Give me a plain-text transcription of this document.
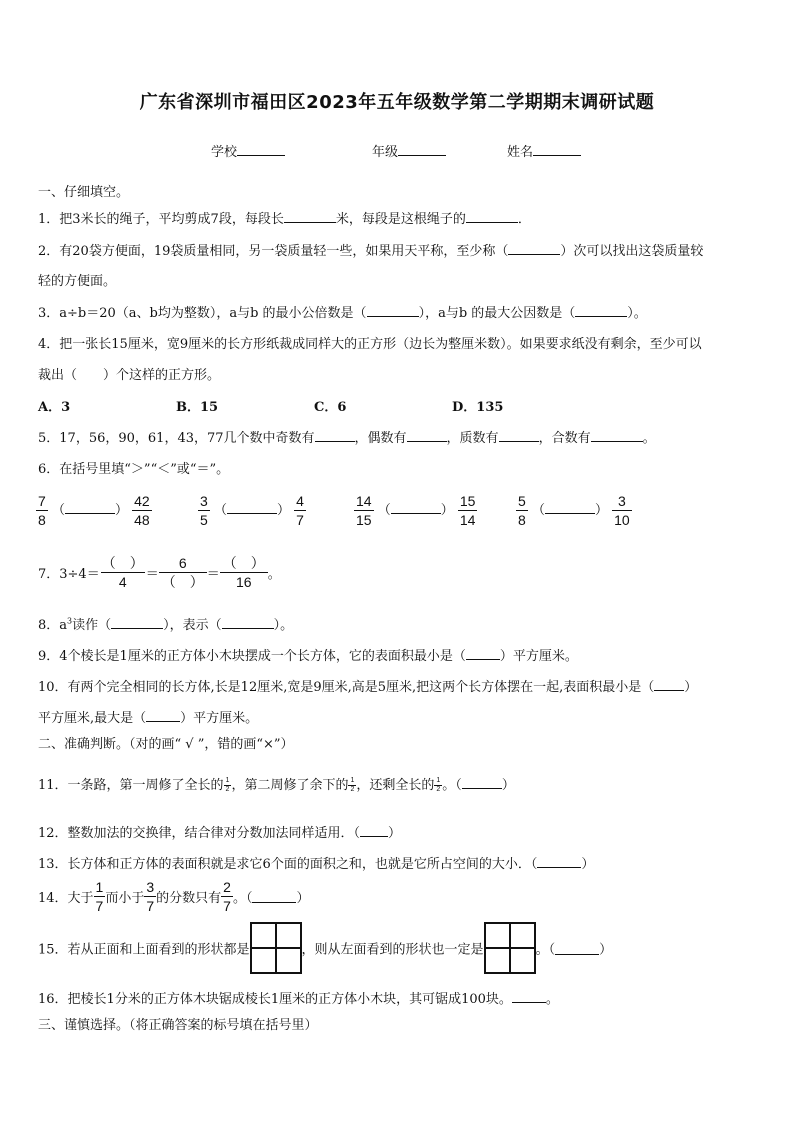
广东省深圳市福田区2023年五年级数学第二学期期末调研试题
学校	年级	姓名
一、仔细填空。
1．把3米长的绳子，平均剪成7段，每段长	米，每段是这根绳子的	．
2．有20袋方便面，19袋质量相同，另一袋质量轻一些，如果用天平称，至少称（	）次可以找出这袋质量较
轻的方便面。
3．a÷b＝20（a、b均为整数），a与b 的最小公倍数是（	），a与b 的最大公因数是（	）。
4．把一张长15厘米，宽9厘米的长方形纸裁成同样大的正方形（边长为整厘米数）。如果要求纸没有剩余，至少可以
裁出（　　）个这样的正方形。
A．3	B．15	C．6	D．135
5．17，56，90，61，43，77几个数中奇数有	，偶数有	，质数有	，合数有	。
6．在括号里填“＞”“＜”或“＝”。
$\frac{7}{8}$ （	） $\frac{42}{48}$	$\frac{3}{5}$ （	） $\frac{4}{7}$	$\frac{14}{15}$ （	） $\frac{15}{14}$	$\frac{5}{8}$ （	） $\frac{3}{10}$
7．$3\div 4= \frac{( )}{4} = \frac{6}{( )} = \frac{( )}{16}$ 。
8．$a^3$读作（	），表示（	）。
9．4个棱长是1厘米的正方体小木块摆成一个长方体，它的表面积最小是（	）平方厘米。
10．有两个完全相同的长方体,长是12厘米,宽是9厘米,高是5厘米,把这两个长方体摆在一起,表面积最小是（ ）
平方厘米,最大是（	）平方厘米。
二、准确判断。（对的画“ √ ”，错的画“×”）
11．一条路，第一周修了全长的 $\frac{1}{2}$ ，第二周修了余下的 $\frac{1}{2}$ ，还剩全长的 $\frac{1}{2}$ 。（	）
12．整数加法的交换律，结合律对分数加法同样适用．（ ）
13．长方体和正方体的表面积就是求它6个面的面积之和，也就是它所占空间的大小．（	）
14．大于 $\frac{1}{7}$ 而小于 $\frac{3}{7}$ 的分数只有 $\frac{2}{7}$ 。（	）
15．若从正面和上面看到的形状都是	，则从左面看到的形状也一定是	。（	）
16．把棱长1分米的正方体木块锯成棱长1厘米的正方体小木块，其可锯成100块。	。
三、谨慎选择。（将正确答案的标号填在括号里）
